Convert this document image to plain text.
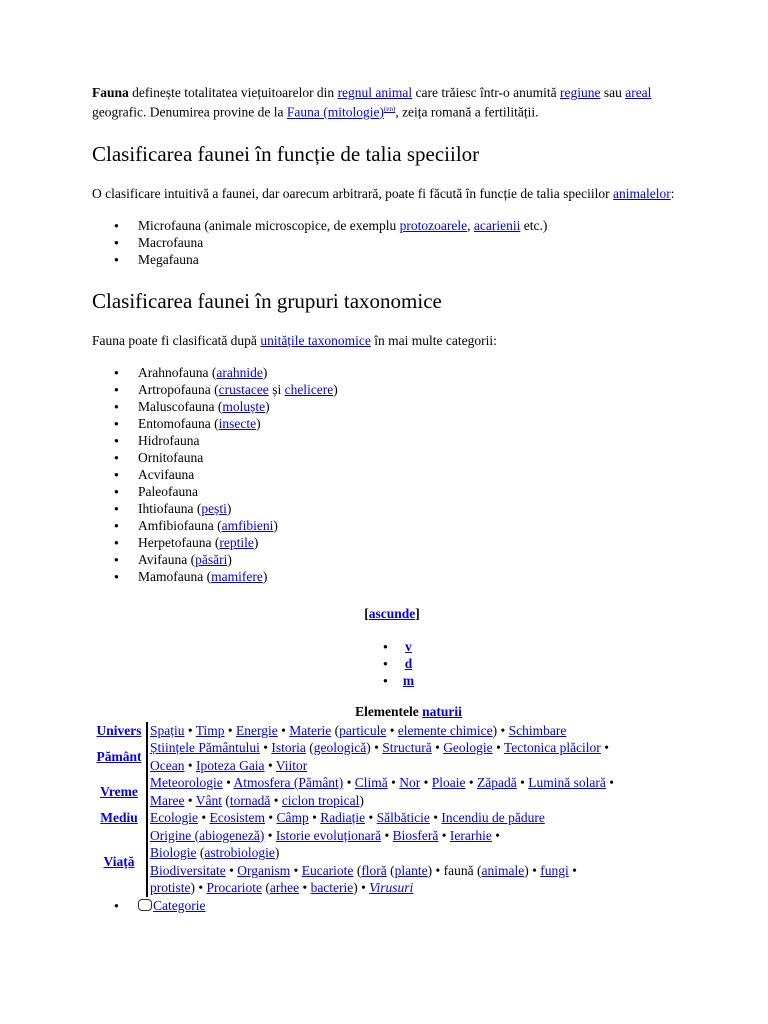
Fauna definește totalitatea viețuitoarelor din regnul animal care trăiesc într-o anumită regiune sau areal geografic. Denumirea provine de la Fauna (mitologie)$^{(en)}$, zeița romană a fertilității.

Clasificarea faunei în funcție de talia speciilor

O clasificare intuitivă a faunei, dar oarecum arbitrară, poate fi făcută în funcție de talia speciilor animalelor:

● Microfauna (animale microscopice, de exemplu protozoarele, acarienii etc.)
● Macrofauna
● Megafauna
Clasificarea faunei în grupuri taxonomice

Fauna poate fi clasificată după unitățile taxonomice în mai multe categorii:

● Arahnofauna (arahnide)
● Artropofauna (crustacee și chelicere)
● Maluscofauna (moluște)
● Entomofauna (insecte)
● Hidrofauna
● Ornitofauna
● Acvifauna
● Paleofauna
● Ihtiofauna (pești)
● Amfibiofauna (amfibieni)
● Herpetofauna (reptile)
● Avifauna (păsări)
● Mamofauna (mamifere)
[ascunde]
● v
● d
● m
Elementele naturii
Univers	Spațiu • Timp • Energie • Materie (particule • elemente chimice) • Schimbare
Pământ	Științele Pământului • Istoria (geologică) • Structură • Geologie • Tectonica plăcilor •
Ocean • Ipoteza Gaia • Viitor
Vreme	Meteorologie • Atmosfera (Pământ) • Climă • Nor • Ploaie • Zăpadă • Lumină solară •
Maree • Vânt (tornadă • ciclon tropical)
Mediu	Ecologie • Ecosistem • Câmp • Radiație • Sălbăticie • Incendiu de pădure
Viață	Origine (abiogeneză) • Istorie evoluționară • Biosferă • Ierarhie •
Biologie (astrobiologie)
Biodiversitate • Organism • Eucariote (floră (plante) • faună (animale) • fungi •
protiste) • Procariote (arhee • bacterie) • Virusuri
●	Categorie
